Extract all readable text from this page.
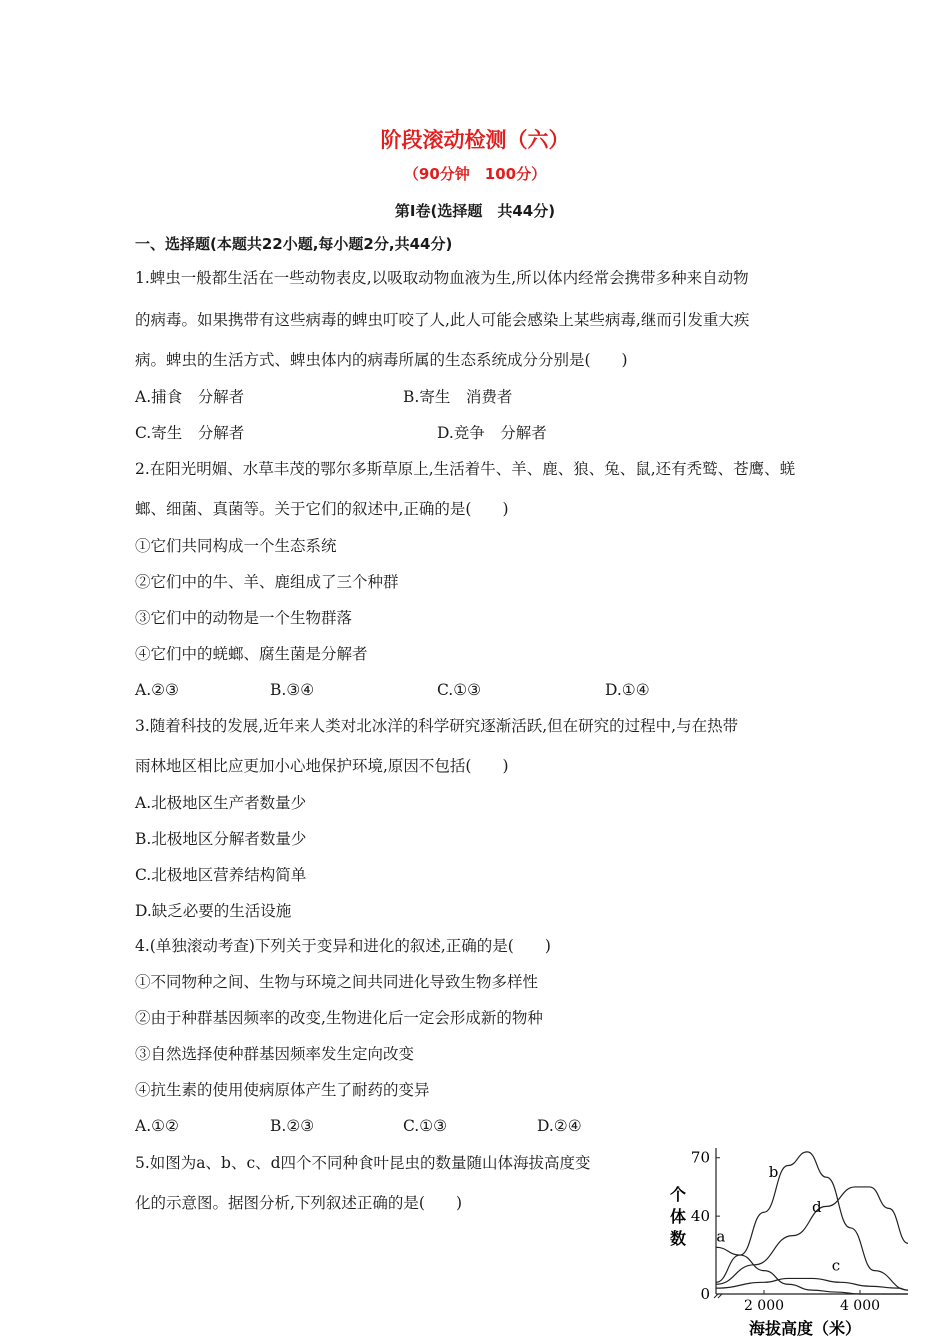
阶段滚动检测（六）
（90分钟　100分）
第Ⅰ卷(选择题　共44分)
一、选择题(本题共22小题,每小题2分,共44分)
1.蜱虫一般都生活在一些动物表皮,以吸取动物血液为生,所以体内经常会携带多种来自动物
的病毒。如果携带有这些病毒的蜱虫叮咬了人,此人可能会感染上某些病毒,继而引发重大疾
病。蜱虫的生活方式、蜱虫体内的病毒所属的生态系统成分分别是(　　)
A.捕食　分解者	B.寄生　消费者
C.寄生　分解者	D.竞争　分解者
2.在阳光明媚、水草丰茂的鄂尔多斯草原上,生活着牛、羊、鹿、狼、兔、鼠,还有秃鹫、苍鹰、蜣
螂、细菌、真菌等。关于它们的叙述中,正确的是(　　)
①它们共同构成一个生态系统
②它们中的牛、羊、鹿组成了三个种群
③它们中的动物是一个生物群落
④它们中的蜣螂、腐生菌是分解者
A.②③	B.③④	C.①③	D.①④
3.随着科技的发展,近年来人类对北冰洋的科学研究逐渐活跃,但在研究的过程中,与在热带
雨林地区相比应更加小心地保护环境,原因不包括(　　)
A.北极地区生产者数量少
B.北极地区分解者数量少
C.北极地区营养结构简单
D.缺乏必要的生活设施
4.(单独滚动考查)下列关于变异和进化的叙述,正确的是(　　)
①不同物种之间、生物与环境之间共同进化导致生物多样性
②由于种群基因频率的改变,生物进化后一定会形成新的物种
③自然选择使种群基因频率发生定向改变
④抗生素的使用使病原体产生了耐药的变异
A.①②	B.②③	C.①③	D.②④
5.如图为a、b、c、d四个不同种食叶昆虫的数量随山体海拔高度变
化的示意图。据图分析,下列叙述正确的是(　　)
70
40
0
2 000	4 000
个
体
数
海拔高度（米）
a
b
c
d
